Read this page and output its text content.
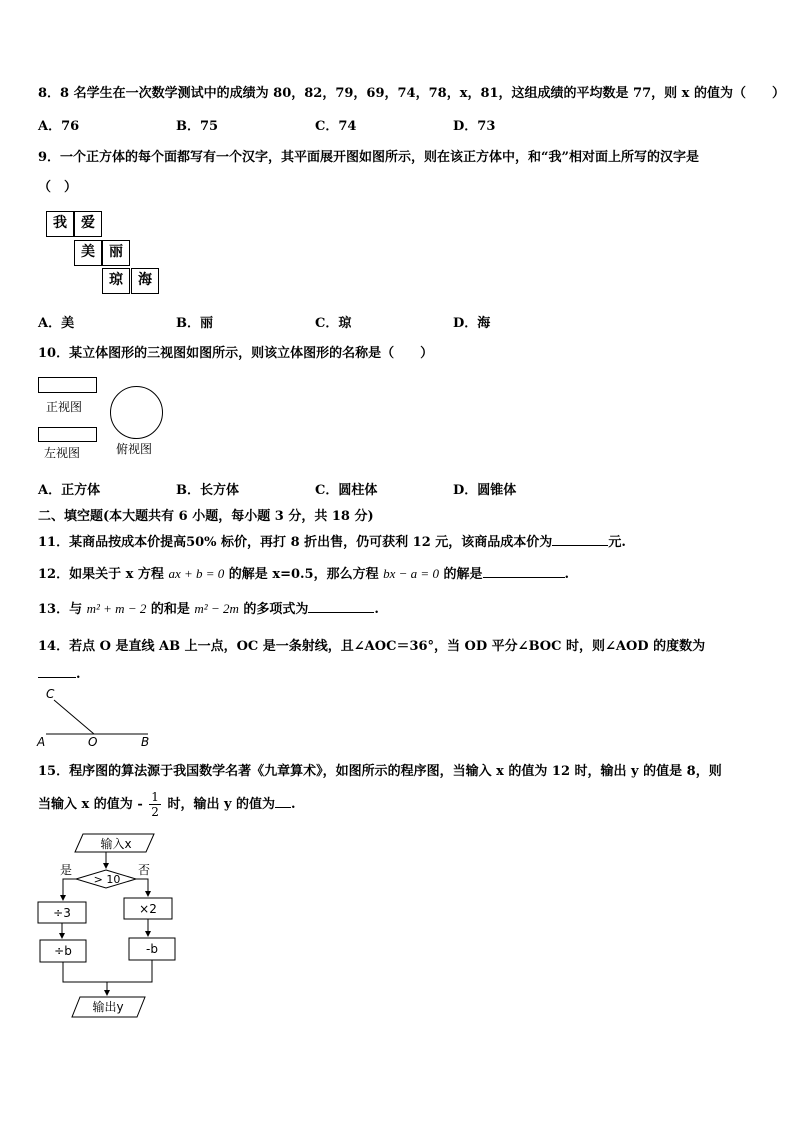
8．8 名学生在一次数学测试中的成绩为 80，82，79，69，74，78，x，81，这组成绩的平均数是 77，则 x 的值为（　　）
A．76	B．75	C．74	D．73
9．一个正方体的每个面都写有一个汉字，其平面展开图如图所示，则在该正方体中，和“我”相对面上所写的汉字是
（　）
我	爱
美	丽
琼	海
A．美	B．丽	C．琼	D．海
10．某立体图形的三视图如图所示，则该立体图形的名称是（　　）
正视图
左视图	俯视图
A．正方体	B．长方体	C．圆柱体	D．圆锥体
二、填空题(本大题共有 6 小题，每小题 3 分，共 18 分)
11．某商品按成本价提高50% 标价，再打 8 折出售，仍可获利 12 元，该商品成本价为	元.
12．如果关于 x 方程 ax + b = 0 的解是 x=0.5，那么方程 bx − a = 0 的解是	.
13．与 m² + m − 2 的和是 m² − 2m 的多项式为	.
14．若点 O 是直线 AB 上一点，OC 是一条射线，且∠AOC＝36°，当 OD 平分∠BOC 时，则∠AOD 的度数为
.
C
A	O	B
15．程序图的算法源于我国数学名著《九章算术》，如图所示的程序图，当输入 x 的值为 12 时，输出 y 的值是 8，则
当输入 x 的值为 - $\frac{1}{2}$ 时，输出 y 的值为 .
输入x
> 10
是	否
÷3	×2
÷b	-b
输出y
